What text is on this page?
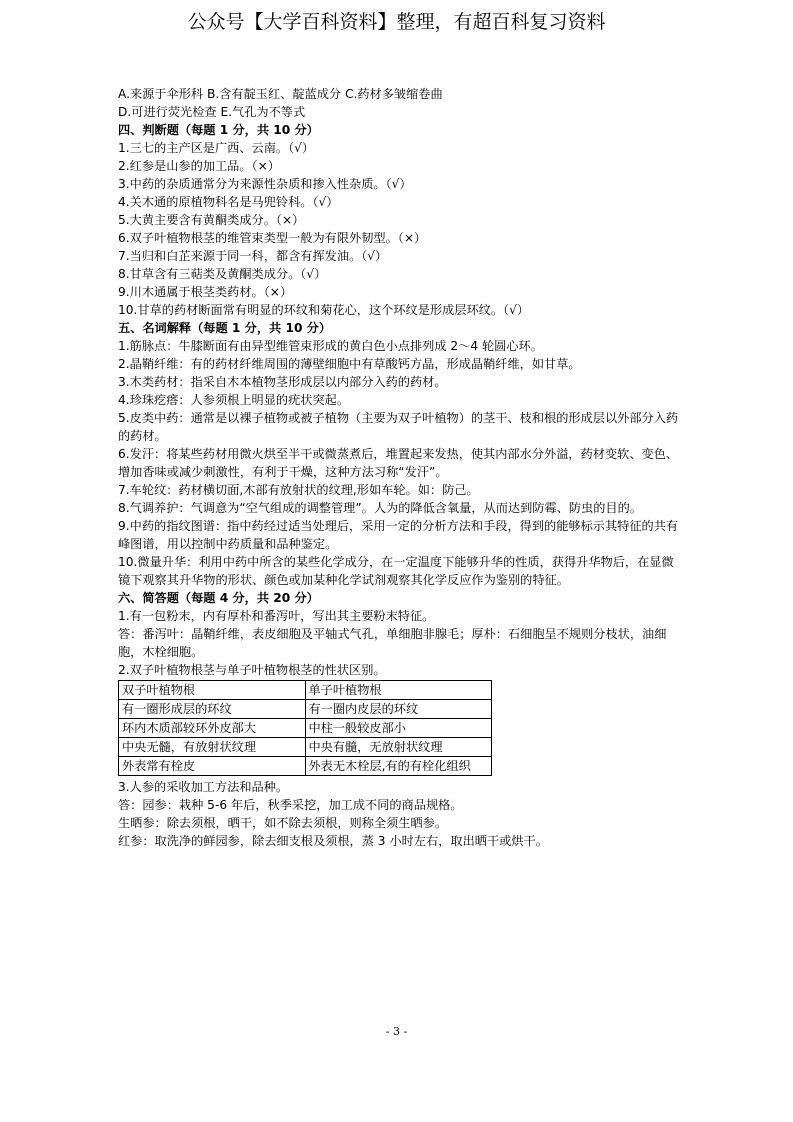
公众号【大学百科资料】整理，有超百科复习资料
A.来源于伞形科 B.含有靛玉红、靛蓝成分 C.药材多皱缩卷曲
D.可进行荧光检查 E.气孔为不等式
四、判断题（每题 1 分，共 10 分）
1.三七的主产区是广西、云南。（√）
2.红参是山参的加工品。（×）
3.中药的杂质通常分为来源性杂质和掺入性杂质。（√）
4.关木通的原植物科名是马兜铃科。（√）
5.大黄主要含有黄酮类成分。（×）
6.双子叶植物根茎的维管束类型一般为有限外韧型。（×）
7.当归和白芷来源于同一科，都含有挥发油。（√）
8.甘草含有三萜类及黄酮类成分。（√）
9.川木通属于根茎类药材。（×）
10.甘草的药材断面常有明显的环纹和菊花心，这个环纹是形成层环纹。（√）
五、名词解释（每题 1 分，共 10 分）
1.筋脉点：牛膝断面有由异型维管束形成的黄白色小点排列成 2～4 轮圆心环。
2.晶鞘纤维：有的药材纤维周围的薄壁细胞中有草酸钙方晶，形成晶鞘纤维，如甘草。
3.木类药材：指采自木本植物茎形成层以内部分入药的药材。
4.珍珠疙瘩：人参须根上明显的疣状突起。
5.皮类中药：通常是以裸子植物或被子植物（主要为双子叶植物）的茎干、枝和根的形成层以外部分入药的药材。
6.发汗：将某些药材用微火烘至半干或微蒸煮后，堆置起来发热，使其内部水分外溢，药材变软、变色、增加香味或减少刺激性，有利于干燥，这种方法习称“发汗”。
7.车轮纹：药材横切面,木部有放射状的纹理,形如车轮。如：防己。
8.气调养护：气调意为“空气组成的调整管理”。人为的降低含氧量，从而达到防霉、防虫的目的。
9.中药的指纹图谱：指中药经过适当处理后，采用一定的分析方法和手段，得到的能够标示其特征的共有峰图谱，用以控制中药质量和品种鉴定。
10.微量升华：利用中药中所含的某些化学成分，在一定温度下能够升华的性质，获得升华物后，在显微镜下观察其升华物的形状、颜色或加某种化学试剂观察其化学反应作为鉴别的特征。
六、简答题（每题 4 分，共 20 分）
1.有一包粉末，内有厚朴和番泻叶，写出其主要粉末特征。
答：番泻叶：晶鞘纤维，表皮细胞及平轴式气孔，单细胞非腺毛；厚朴：石细胞呈不规则分枝状，油细胞，木栓细胞。
2.双子叶植物根茎与单子叶植物根茎的性状区别。
双子叶植物根	单子叶植物根
有一圈形成层的环纹	有一圈内皮层的环纹
环内木质部较环外皮部大	中柱一般较皮部小
中央无髓，有放射状纹理	中央有髓，无放射状纹理
外表常有栓皮	外表无木栓层,有的有栓化组织
3.人参的采收加工方法和品种。
答：园参：栽种 5-6 年后，秋季采挖，加工成不同的商品规格。
生晒参：除去须根，晒干，如不除去须根，则称全须生晒参。
红参：取洗净的鲜园参，除去细支根及须根，蒸 3 小时左右，取出晒干或烘干。
- 3 -
